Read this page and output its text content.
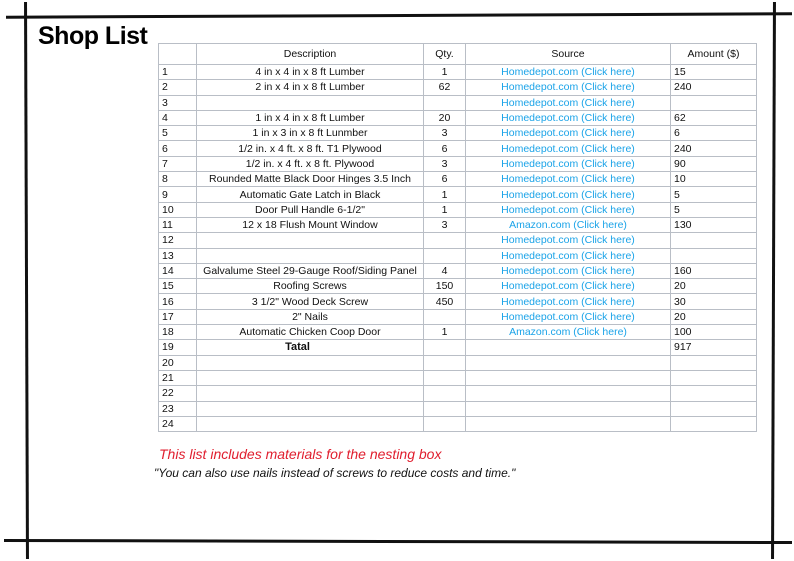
Shop List
	Description	Qty.	Source	Amount ($)
1	4 in x 4 in x 8 ft Lumber	1	Homedepot.com (Click here)	15
2	2 in x 4 in x 8 ft Lumber	62	Homedepot.com (Click here)	240
3			Homedepot.com (Click here)	
4	1 in x 4 in x 8 ft Lumber	20	Homedepot.com (Click here)	62
5	1 in x 3 in x 8 ft Lunmber	3	Homedepot.com (Click here)	6
6	1/2 in. x 4 ft. x 8 ft. T1 Plywood	6	Homedepot.com (Click here)	240
7	1/2 in. x 4 ft. x 8 ft. Plywood	3	Homedepot.com (Click here)	90
8	Rounded Matte Black Door Hinges 3.5 Inch	6	Homedepot.com (Click here)	10
9	Automatic Gate Latch in Black	1	Homedepot.com (Click here)	5
10	Door Pull Handle 6-1/2"	1	Homedepot.com (Click here)	5
11	12 x 18 Flush Mount Window	3	Amazon.com (Click here)	130
12			Homedepot.com (Click here)	
13			Homedepot.com (Click here)	
14	Galvalume Steel 29-Gauge Roof/Siding Panel	4	Homedepot.com (Click here)	160
15	Roofing Screws	150	Homedepot.com (Click here)	20
16	3 1/2" Wood Deck Screw	450	Homedepot.com (Click here)	30
17	2" Nails		Homedepot.com (Click here)	20
18	Automatic Chicken Coop Door	1	Amazon.com (Click here)	100
19	Tatal			917
20				
21				
22				
23				
24				
This list includes materials for the nesting box
"You can also use nails instead of screws to reduce costs and time."
